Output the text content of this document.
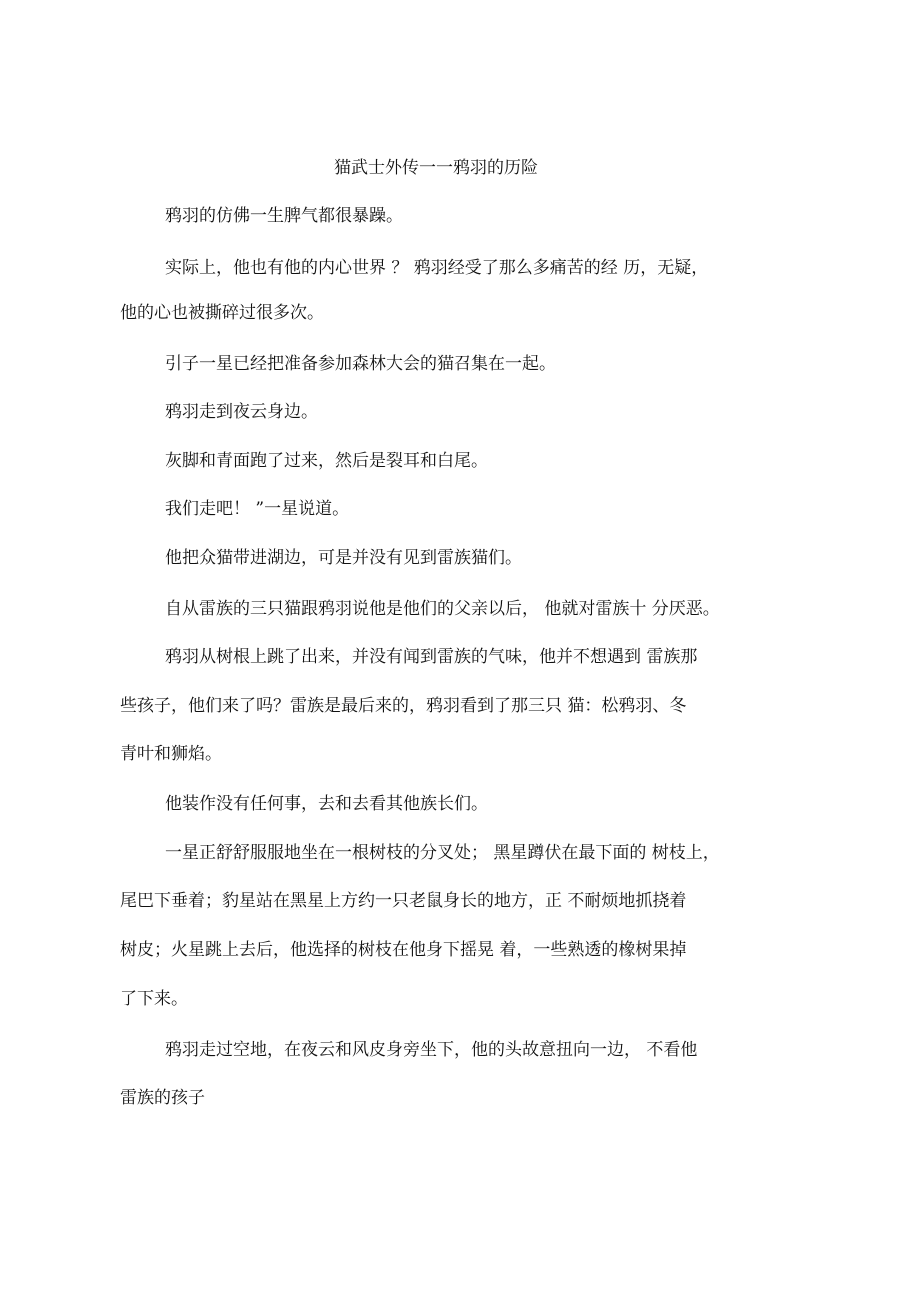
猫武士外传一一鸦羽的历险
鸦羽的仿佛一生脾气都很暴躁。
实际上，他也有他的内心世界 ？ 鸦羽经受了那么多痛苦的经 历，无疑，
他的心也被撕碎过很多次。
引子一星已经把准备参加森林大会的猫召集在一起。
鸦羽走到夜云身边。
灰脚和青面跑了过来，然后是裂耳和白尾。
我们走吧！ ”一星说道。
他把众猫带进湖边，可是并没有见到雷族猫们。
自从雷族的三只猫跟鸦羽说他是他们的父亲以后， 他就对雷族十 分厌恶。
鸦羽从树根上跳了出来，并没有闻到雷族的气味，他并不想遇到 雷族那
些孩子，他们来了吗？雷族是最后来的，鸦羽看到了那三只 猫：松鸦羽、冬
青叶和狮焰。
他装作没有任何事，去和去看其他族长们。
一星正舒舒服服地坐在一根树枝的分叉处； 黑星蹲伏在最下面的 树枝上，
尾巴下垂着；豹星站在黑星上方约一只老鼠身长的地方，正 不耐烦地抓挠着
树皮；火星跳上去后，他选择的树枝在他身下摇晃 着，一些熟透的橡树果掉
了下来。
鸦羽走过空地，在夜云和风皮身旁坐下，他的头故意扭向一边， 不看他
雷族的孩子
